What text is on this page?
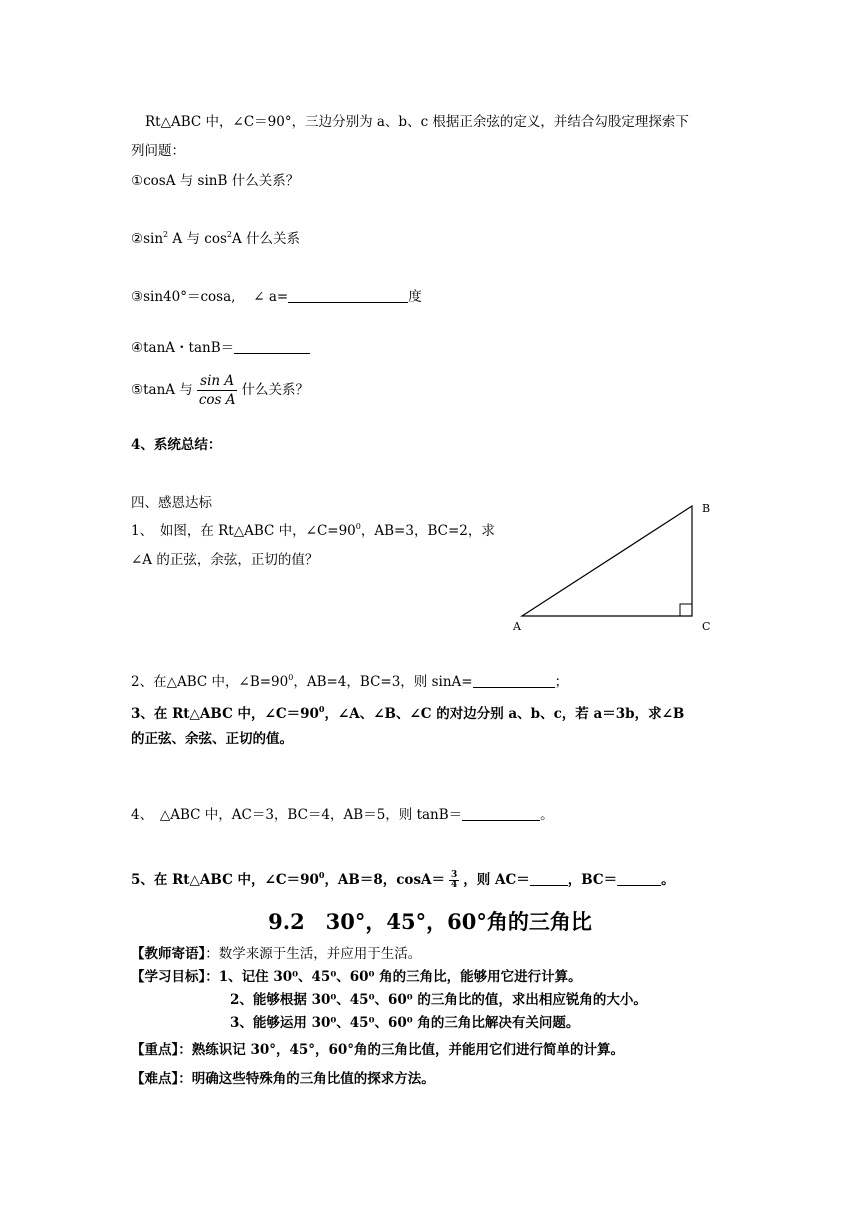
Rt△ABC 中，∠C＝90°，三边分别为 a、b、c 根据正余弦的定义，并结合勾股定理探索下
列问题：
①cosA 与 sinB 什么关系？
$②\sin^2$ A 与 $\cos^2A$ 什么关系
③sin40°＝cosa,　 ∠ a=	度
④tanA・tanB＝
⑤tanA 与 $\frac{\text{sin A}}{\text{cos A}}$ 什么关系？
4、系统总结：
四、感恩达标
1、　如图，在 Rt△ABC 中，$\angle C=90^0$，AB=3，BC=2，求
∠A 的正弦，余弦，正切的值？
A
B
C
2、在△ABC 中，$\angle B=90^0$，AB=4，BC=3，则 sinA=	；
3、在 Rt△ABC 中，$\angle C=90^0$，∠A、∠B、∠C 的对边分别 a、b、c，若 a＝3b，求∠B
的正弦、余弦、正切的值。
4、　△ABC 中，AC＝3，BC＝4，AB＝5，则 tanB＝	。
5、在 Rt△ABC 中，$\angle C=90^0$，AB＝8，$\cos A= \frac{3}{4}$ ，则 AC＝	，BC＝	。
9.2　30°，45°，60°角的三角比
【教师寄语】：数学来源于生活，并应用于生活。
【学习目标】：1、记住 30⁰、45⁰、60⁰ 角的三角比，能够用它进行计算。
2、能够根据 30⁰、45⁰、60⁰ 的三角比的值，求出相应锐角的大小。
3、能够运用 30⁰、45⁰、60⁰ 角的三角比解决有关问题。
【重点】：熟练识记 30°，45°，60°角的三角比值，并能用它们进行简单的计算。
【难点】：明确这些特殊角的三角比值的探求方法。
